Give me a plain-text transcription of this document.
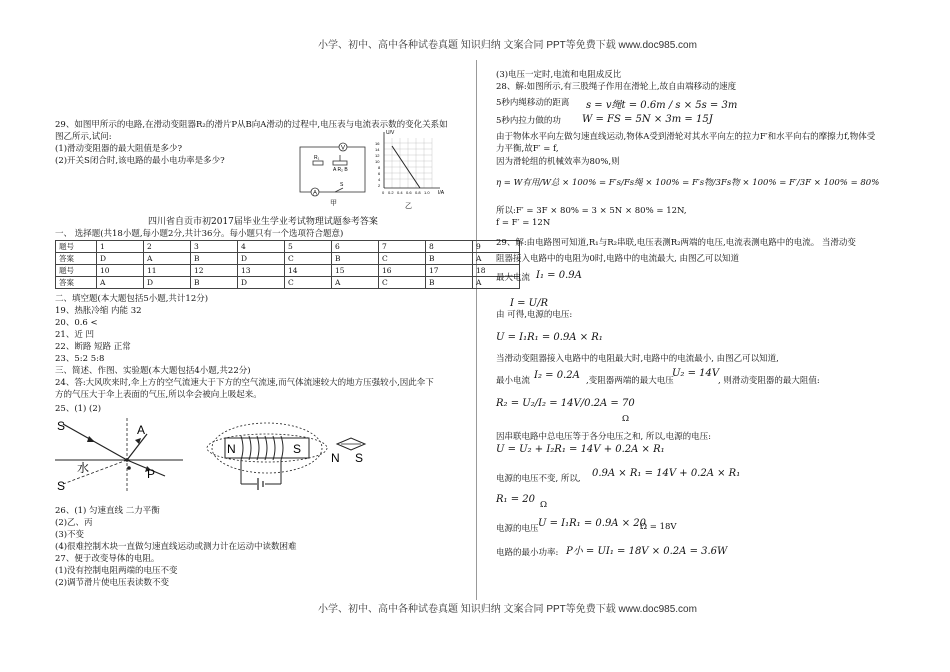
小学、初中、高中各种试卷真题 知识归纳 文案合同 PPT等免费下载 www.doc985.com
小学、初中、高中各种试卷真题 知识归纳 文案合同 PPT等免费下载 www.doc985.com
29、如图甲所示的电路,在滑动变阻器R₂的滑片P从B向A滑动的过程中,电压表与电流表示数的变化关系如
图乙所示,试问:
(1)滑动变阻器的最大阻值是多少?
(2)开关S闭合时,该电路的最小电功率是多少?
V
R₁
A R₂ B
A
S
甲
U/V
I/A
16
14
12
10
8
6
4
2
0 0.2 0.4 0.6 0.8 1.0
乙
四川省自贡市初2017届毕业生学业考试物理试题参考答案
一、 选择题(共18小题,每小题2分,共计36分。每小题只有一个选项符合题意)
题号	1	2	3	4	5	6	7	8	9
答案	D	A	B	D	C	B	C	B	A
题号	10	11	12	13	14	15	16	17	18
答案	A	D	B	D	C	A	C	B	A
二、填空题(本大题包括5小题,共计12分)
19、热胀冷缩 内能 32
20、0.6 <
21、近 凹
22、断路 短路 正常
23、5:2 5:8
三、简述、作图、实验题(本大题包括4小题,共22分)
24、答:大风吹来时,伞上方的空气流速大于下方的空气流速,而气体流速较大的地方压强较小,因此伞下
方的气压大于伞上表面的气压,所以伞会被向上吸起来。
25、(1) (2)
S	A
水	P
S
N	S
N S
26、(1) 匀速直线 二力平衡
(2)乙、丙
(3)不变
(4)很难控制木块一直做匀速直线运动或测力计在运动中读数困难
27、便于改变导体的电阻。
(1)没有控制电阻两端的电压不变
(2)调节滑片使电压表读数不变
(3)电压一定时,电流和电阻成反比
28、解:如图所示,有三股绳子作用在滑轮上,故自由端移动的速度
5秒内绳移动的距离 s = v绳t = 0.6m / s × 5s = 3m
5秒内拉力做的功 W = FS = 5N × 3m = 15J
由于物体水平向左做匀速直线运动,物体A受到滑轮对其水平向左的拉力F′和水平向右的摩擦力f,物体受
力平衡,故F′ = f,
因为滑轮组的机械效率为80%,则
η = W有用/W总 × 100% = F′s/Fs绳 × 100% = F′s物/3Fs物 × 100% = F′/3F × 100% = 80%
所以:F′ = 3F × 80% = 3 × 5N × 80% = 12N,
f = F′ = 12N
29、解:由电路图可知道,R₁与R₂串联,电压表测R₂两端的电压,电流表测电路中的电流。 当滑动变
阻器接入电路中的电阻为0时,电路中的电流最大, 由图乙可以知道
最大电流 I₁ = 0.9A
I = U/R
由 可得,电源的电压:
U = I₁R₁ = 0.9A × R₁
当滑动变阻器接入电路中的电阻最大时,电路中的电流最小, 由图乙可以知道,
最小电流 I₂ = 0.2A ,变阻器两端的最大电压
U₂ = 14V
, 则滑动变阻器的最大阻值:
R₂ = U₂/I₂ = 14V/0.2A = 70
Ω
因串联电路中总电压等于各分电压之和, 所以,电源的电压:
U = U₂ + I₂R₁ = 14V + 0.2A × R₁
电源的电压不变, 所以, 0.9A × R₁ = 14V + 0.2A × R₁
R₁ = 20 Ω
电源的电压 U = I₁R₁ = 0.9A × 20
Ω = 18V
电路的最小功率: P小 = UI₁ = 18V × 0.2A = 3.6W
